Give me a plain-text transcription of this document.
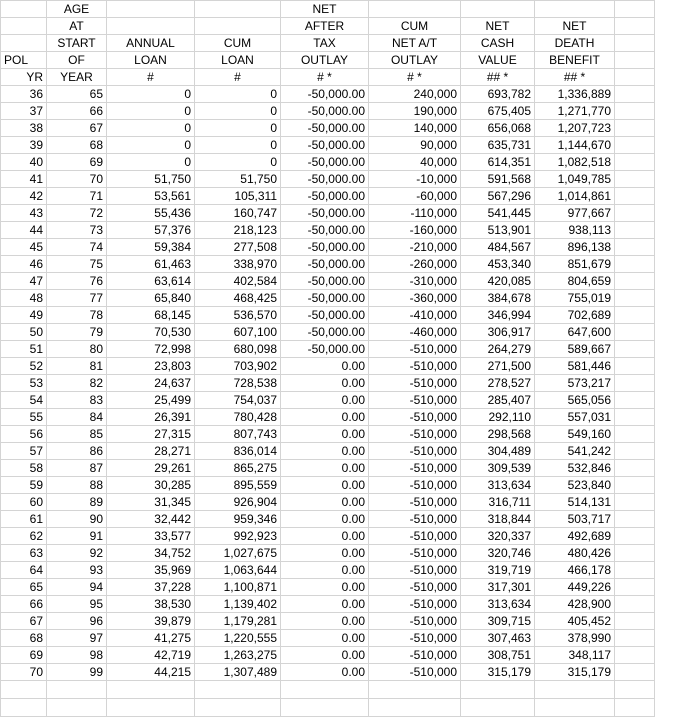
	AGE			NET				
	AT			AFTER	CUM	NET	NET	
	START	ANNUAL	CUM	TAX	NET A/T	CASH	DEATH	
POL	OF	LOAN	LOAN	OUTLAY	OUTLAY	VALUE	BENEFIT	
YR	YEAR	#	#	# *	# *	## *	## *	
36	65	0	0	-50,000.00	240,000	693,782	1,336,889	
37	66	0	0	-50,000.00	190,000	675,405	1,271,770	
38	67	0	0	-50,000.00	140,000	656,068	1,207,723	
39	68	0	0	-50,000.00	90,000	635,731	1,144,670	
40	69	0	0	-50,000.00	40,000	614,351	1,082,518	
41	70	51,750	51,750	-50,000.00	-10,000	591,568	1,049,785	
42	71	53,561	105,311	-50,000.00	-60,000	567,296	1,014,861	
43	72	55,436	160,747	-50,000.00	-110,000	541,445	977,667	
44	73	57,376	218,123	-50,000.00	-160,000	513,901	938,113	
45	74	59,384	277,508	-50,000.00	-210,000	484,567	896,138	
46	75	61,463	338,970	-50,000.00	-260,000	453,340	851,679	
47	76	63,614	402,584	-50,000.00	-310,000	420,085	804,659	
48	77	65,840	468,425	-50,000.00	-360,000	384,678	755,019	
49	78	68,145	536,570	-50,000.00	-410,000	346,994	702,689	
50	79	70,530	607,100	-50,000.00	-460,000	306,917	647,600	
51	80	72,998	680,098	-50,000.00	-510,000	264,279	589,667	
52	81	23,803	703,902	0.00	-510,000	271,500	581,446	
53	82	24,637	728,538	0.00	-510,000	278,527	573,217	
54	83	25,499	754,037	0.00	-510,000	285,407	565,056	
55	84	26,391	780,428	0.00	-510,000	292,110	557,031	
56	85	27,315	807,743	0.00	-510,000	298,568	549,160	
57	86	28,271	836,014	0.00	-510,000	304,489	541,242	
58	87	29,261	865,275	0.00	-510,000	309,539	532,846	
59	88	30,285	895,559	0.00	-510,000	313,634	523,840	
60	89	31,345	926,904	0.00	-510,000	316,711	514,131	
61	90	32,442	959,346	0.00	-510,000	318,844	503,717	
62	91	33,577	992,923	0.00	-510,000	320,337	492,689	
63	92	34,752	1,027,675	0.00	-510,000	320,746	480,426	
64	93	35,969	1,063,644	0.00	-510,000	319,719	466,178	
65	94	37,228	1,100,871	0.00	-510,000	317,301	449,226	
66	95	38,530	1,139,402	0.00	-510,000	313,634	428,900	
67	96	39,879	1,179,281	0.00	-510,000	309,715	405,452	
68	97	41,275	1,220,555	0.00	-510,000	307,463	378,990	
69	98	42,719	1,263,275	0.00	-510,000	308,751	348,117	
70	99	44,215	1,307,489	0.00	-510,000	315,179	315,179	
